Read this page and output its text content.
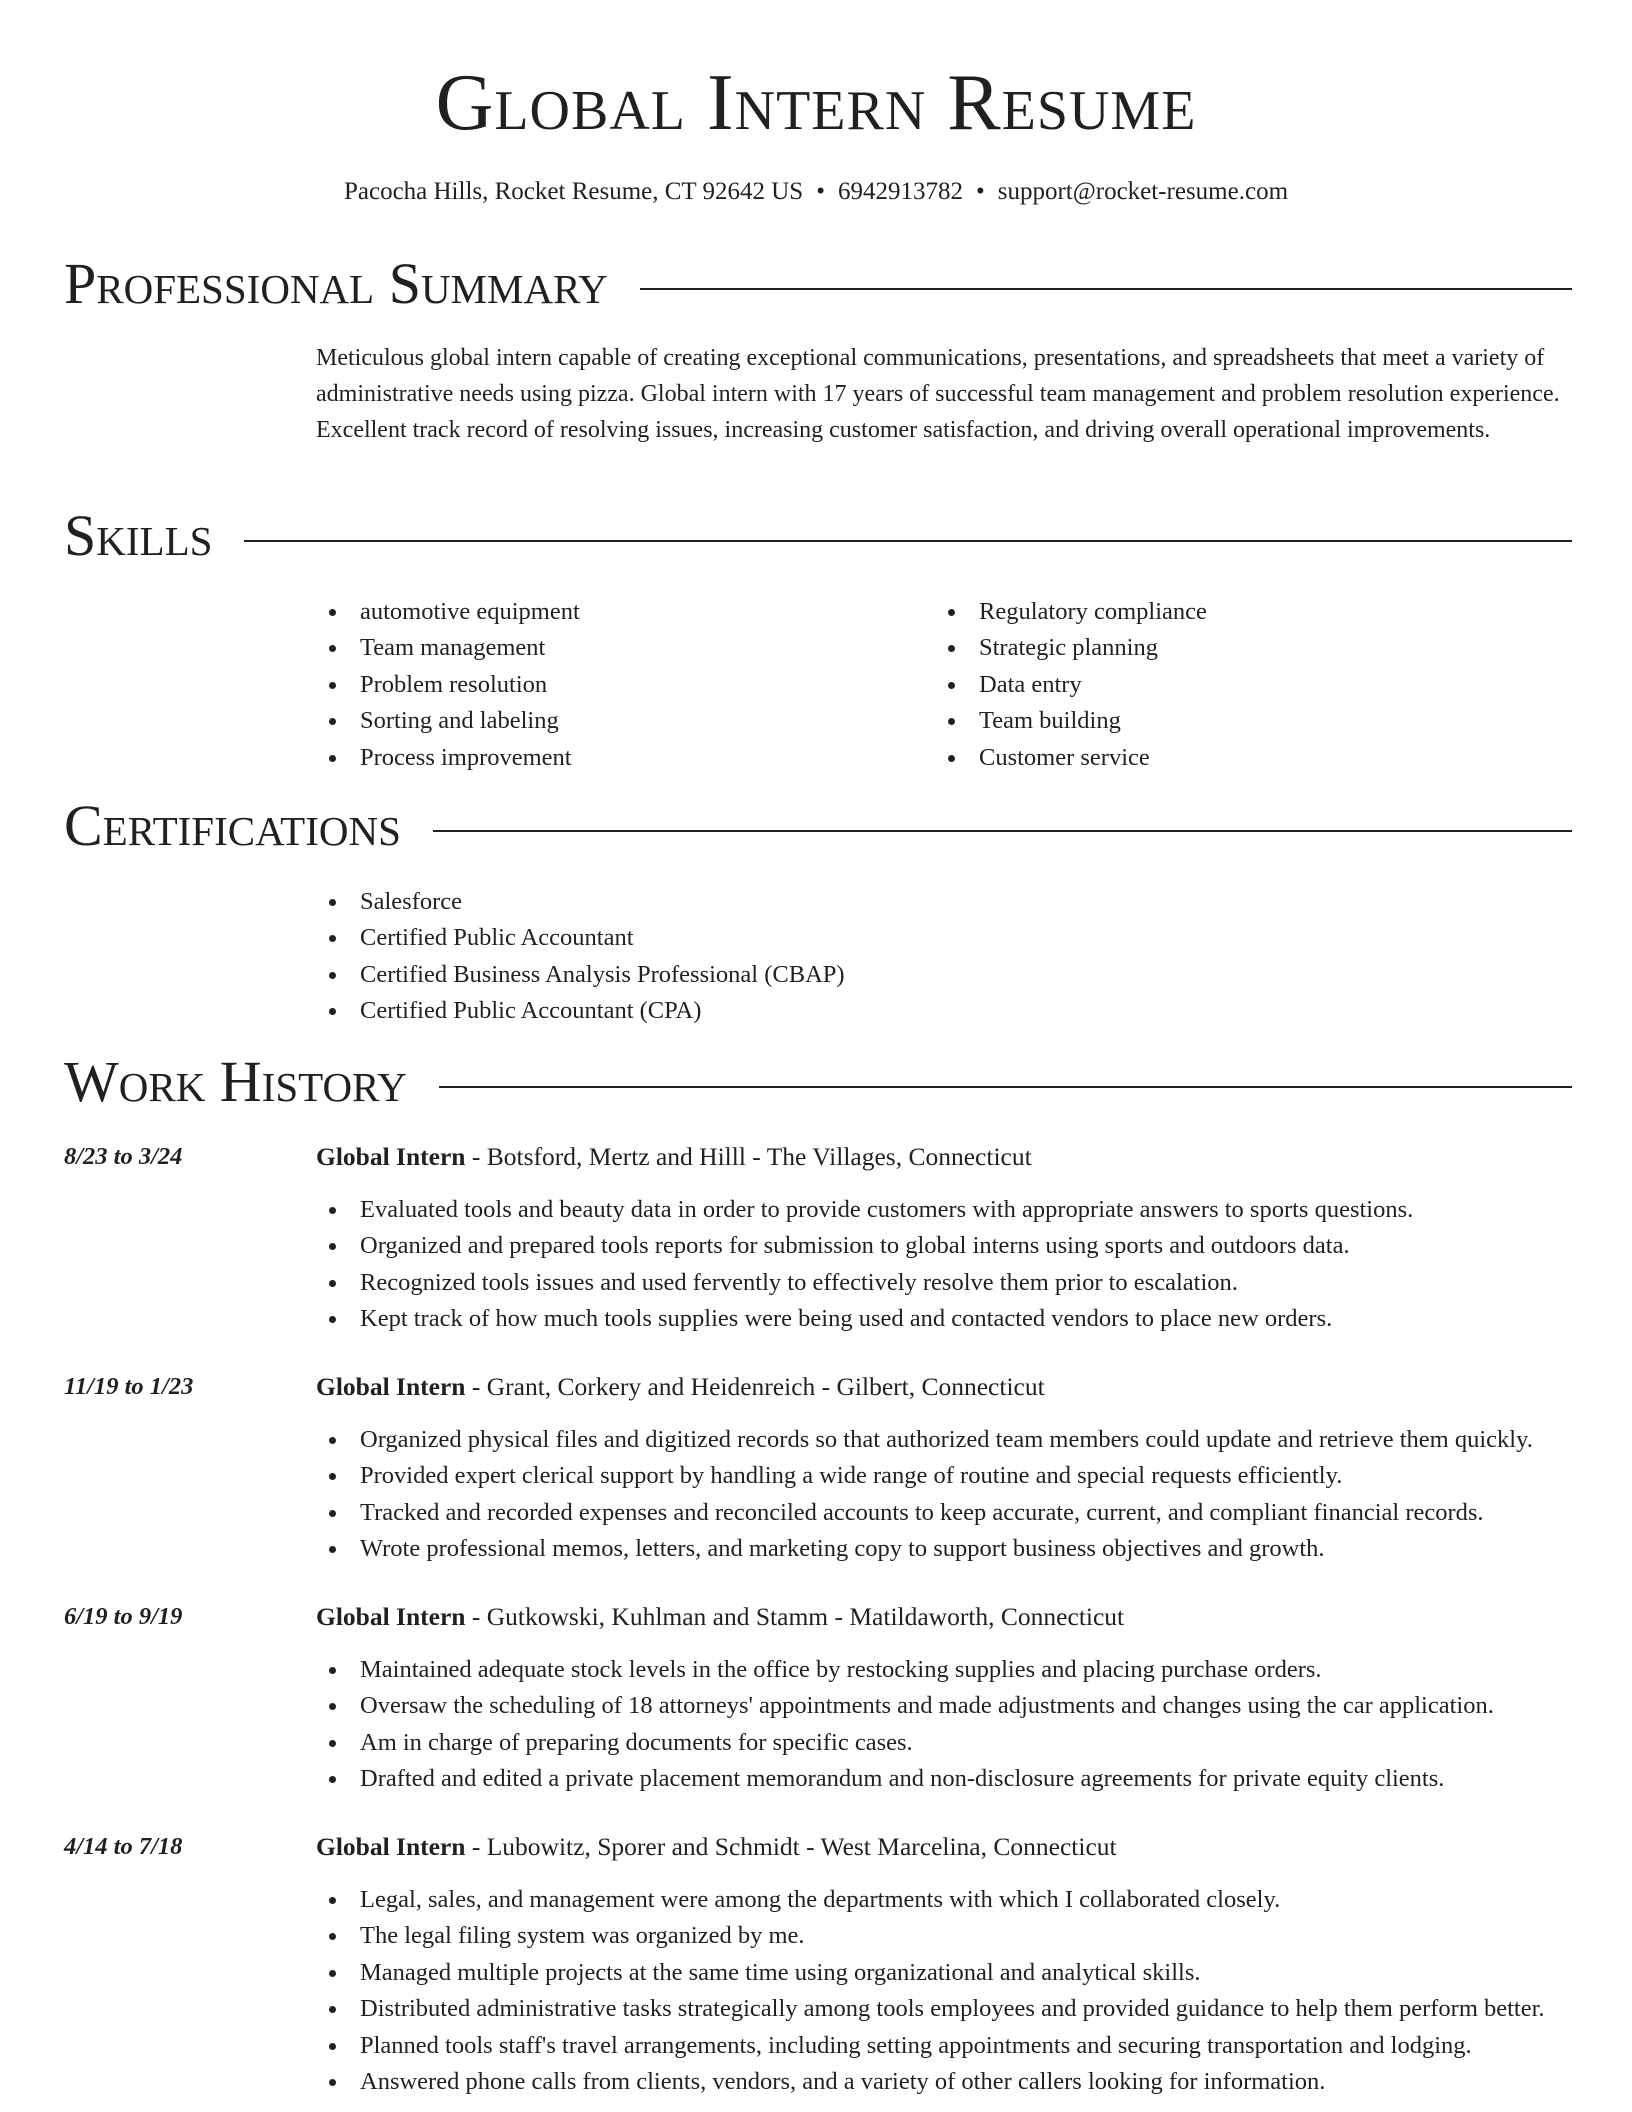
Global Intern Resume
Pacocha Hills, Rocket Resume, CT 92642 US • 6942913782 • support@rocket-resume.com
Professional Summary

Meticulous global intern capable of creating exceptional communications, presentations, and spreadsheets that meet a variety of administrative needs using pizza. Global intern with 17 years of successful team management and problem resolution experience. Excellent track record of resolving issues, increasing customer satisfaction, and driving overall operational improvements.

Skills
automotive equipment
Team management
Problem resolution
Sorting and labeling
Process improvement
Regulatory compliance
Strategic planning
Data entry
Team building
Customer service
Certifications
Salesforce
Certified Public Accountant
Certified Business Analysis Professional (CBAP)
Certified Public Accountant (CPA)
Work History
8/23 to 3/24	Global Intern - Botsford, Mertz and Hilll - The Villages, Connecticut
Evaluated tools and beauty data in order to provide customers with appropriate answers to sports questions.
Organized and prepared tools reports for submission to global interns using sports and outdoors data.
Recognized tools issues and used fervently to effectively resolve them prior to escalation.
Kept track of how much tools supplies were being used and contacted vendors to place new orders.
11/19 to 1/23	Global Intern - Grant, Corkery and Heidenreich - Gilbert, Connecticut
Organized physical files and digitized records so that authorized team members could update and retrieve them quickly.
Provided expert clerical support by handling a wide range of routine and special requests efficiently.
Tracked and recorded expenses and reconciled accounts to keep accurate, current, and compliant financial records.
Wrote professional memos, letters, and marketing copy to support business objectives and growth.
6/19 to 9/19	Global Intern - Gutkowski, Kuhlman and Stamm - Matildaworth, Connecticut
Maintained adequate stock levels in the office by restocking supplies and placing purchase orders.
Oversaw the scheduling of 18 attorneys' appointments and made adjustments and changes using the car application.
Am in charge of preparing documents for specific cases.
Drafted and edited a private placement memorandum and non-disclosure agreements for private equity clients.
4/14 to 7/18	Global Intern - Lubowitz, Sporer and Schmidt - West Marcelina, Connecticut
Legal, sales, and management were among the departments with which I collaborated closely.
The legal filing system was organized by me.
Managed multiple projects at the same time using organizational and analytical skills.
Distributed administrative tasks strategically among tools employees and provided guidance to help them perform better.
Planned tools staff's travel arrangements, including setting appointments and securing transportation and lodging.
Answered phone calls from clients, vendors, and a variety of other callers looking for information.
